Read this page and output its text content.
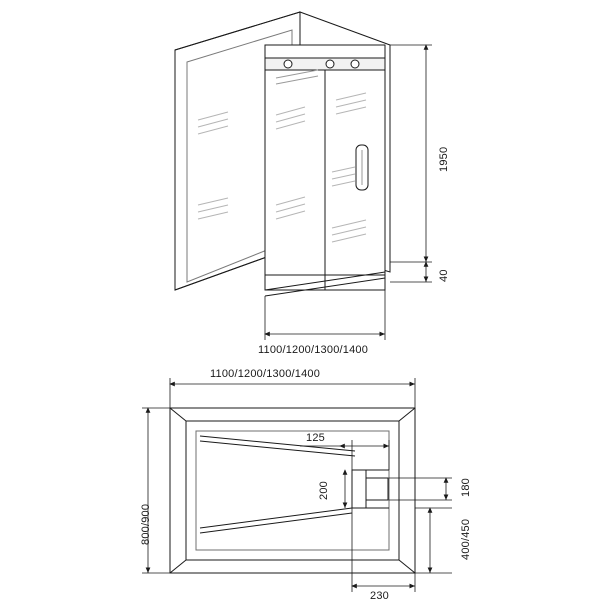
1950
40
1100/1200/1300/1400
1100/1200/1300/1400
800/900
125
200	180
400/450
230
